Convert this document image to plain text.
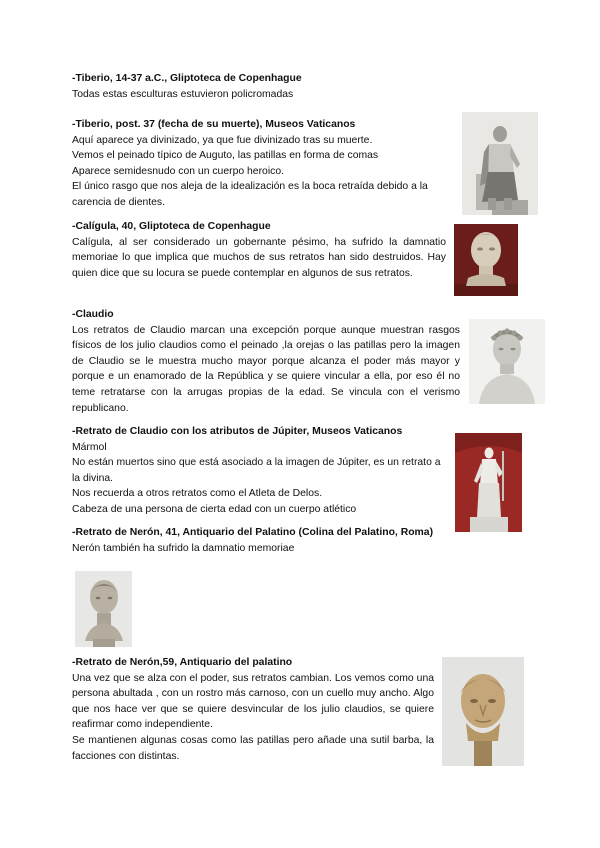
-Tiberio, 14-37 a.C., Gliptoteca de Copenhague

Todas estas esculturas estuvieron policromadas

-Tiberio, post. 37 (fecha de su muerte), Museos Vaticanos

Aquí aparece ya divinizado, ya que fue divinizado tras su muerte.

Vemos el peinado típico de Auguto, las patillas en forma de comas

Aparece semidesnudo con un cuerpo heroico.

El único rasgo que nos aleja de la idealización es la boca retraída debido a la carencia de dientes.

-Calígula, 40, Gliptoteca de Copenhague

Calígula, al ser considerado un gobernante pésimo, ha sufrido la damnatio memoriae lo que implica que muchos de sus retratos han sido destruidos. Hay quien dice que su locura se puede contemplar en algunos de sus retratos.

-Claudio

Los retratos de Claudio marcan una excepción porque aunque muestran rasgos físicos de los julio claudios como el peinado ,la orejas o las patillas pero la imagen de Claudio se le muestra mucho mayor porque alcanza el poder más mayor y porque e un enamorado de la República y se quiere vincular a ella, por eso él no teme retratarse con la arrugas propias de la edad. Se vincula con el verismo republicano.

-Retrato de Claudio con los atributos de Júpiter, Museos Vaticanos

Mármol

No están muertos sino que está asociado a la imagen de Júpiter, es un retrato a la divina.

Nos recuerda a otros retratos como el Atleta de Delos.

Cabeza de una persona de cierta edad con un cuerpo atlético

-Retrato de Nerón, 41, Antiquario del Palatino (Colina del Palatino, Roma)

Nerón también ha sufrido la damnatio memoriae

-Retrato de Nerón,59, Antiquario del palatino

Una vez que se alza con el poder, sus retratos cambian. Los vemos como una persona abultada , con un rostro más carnoso, con un cuello muy ancho. Algo que nos hace ver que se quiere desvincular de los julio claudios, se quiere reafirmar como independiente.

Se mantienen algunas cosas como las patillas pero añade una sutil barba, la facciones con distintas.
